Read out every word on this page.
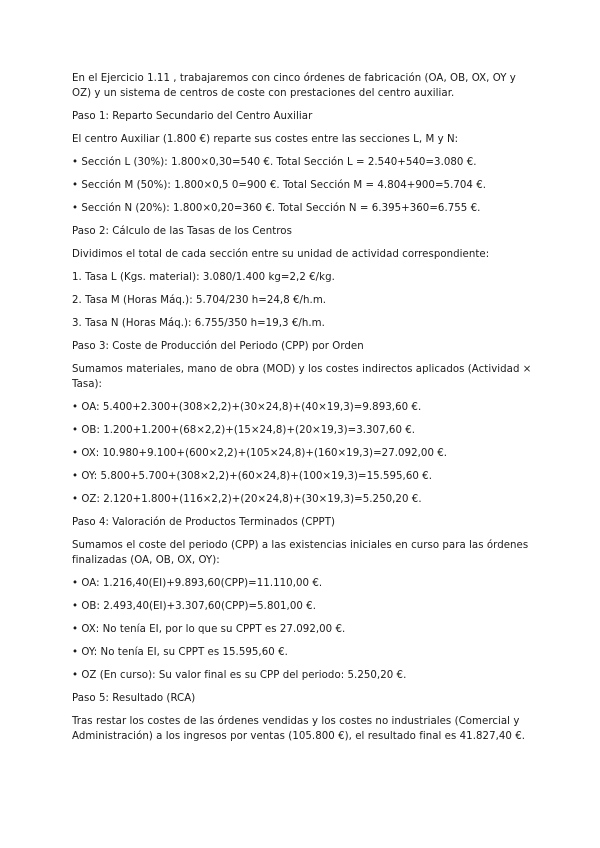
En el Ejercicio 1.11 , trabajaremos con cinco órdenes de fabricación (OA, OB, OX, OY y OZ) y un sistema de centros de coste con prestaciones del centro auxiliar.

Paso 1: Reparto Secundario del Centro Auxiliar

El centro Auxiliar (1.800 €) reparte sus costes entre las secciones L, M y N:

• Sección L (30%): 1.800×0,30=540 €. Total Sección L = 2.540+540=3.080 €.

• Sección M (50%): 1.800×0,5 0=900 €. Total Sección M = 4.804+900=5.704 €.

• Sección N (20%): 1.800×0,20=360 €. Total Sección N = 6.395+360=6.755 €.

Paso 2: Cálculo de las Tasas de los Centros

Dividimos el total de cada sección entre su unidad de actividad correspondiente:

1. Tasa L (Kgs. material): 3.080/1.400 kg=2,2 €/kg.

2. Tasa M (Horas Máq.): 5.704/230 h=24,8 €/h.m.

3. Tasa N (Horas Máq.): 6.755/350 h=19,3 €/h.m.

Paso 3: Coste de Producción del Periodo (CPP) por Orden

Sumamos materiales, mano de obra (MOD) y los costes indirectos aplicados (Actividad × Tasa):

• OA: 5.400+2.300+(308×2,2)+(30×24,8)+(40×19,3)=9.893,60 €.

• OB: 1.200+1.200+(68×2,2)+(15×24,8)+(20×19,3)=3.307,60 €.

• OX: 10.980+9.100+(600×2,2)+(105×24,8)+(160×19,3)=27.092,00 €.

• OY: 5.800+5.700+(308×2,2)+(60×24,8)+(100×19,3)=15.595,60 €.

• OZ: 2.120+1.800+(116×2,2)+(20×24,8)+(30×19,3)=5.250,20 €.

Paso 4: Valoración de Productos Terminados (CPPT)

Sumamos el coste del periodo (CPP) a las existencias iniciales en curso para las órdenes finalizadas (OA, OB, OX, OY):

• OA: 1.216,40(EI)+9.893,60(CPP)=11.110,00 €.

• OB: 2.493,40(EI)+3.307,60(CPP)=5.801,00 €.

• OX: No tenía EI, por lo que su CPPT es 27.092,00 €.

• OY: No tenía EI, su CPPT es 15.595,60 €.

• OZ (En curso): Su valor final es su CPP del periodo: 5.250,20 €.

Paso 5: Resultado (RCA)

Tras restar los costes de las órdenes vendidas y los costes no industriales (Comercial y Administración) a los ingresos por ventas (105.800 €), el resultado final es 41.827,40 €.
